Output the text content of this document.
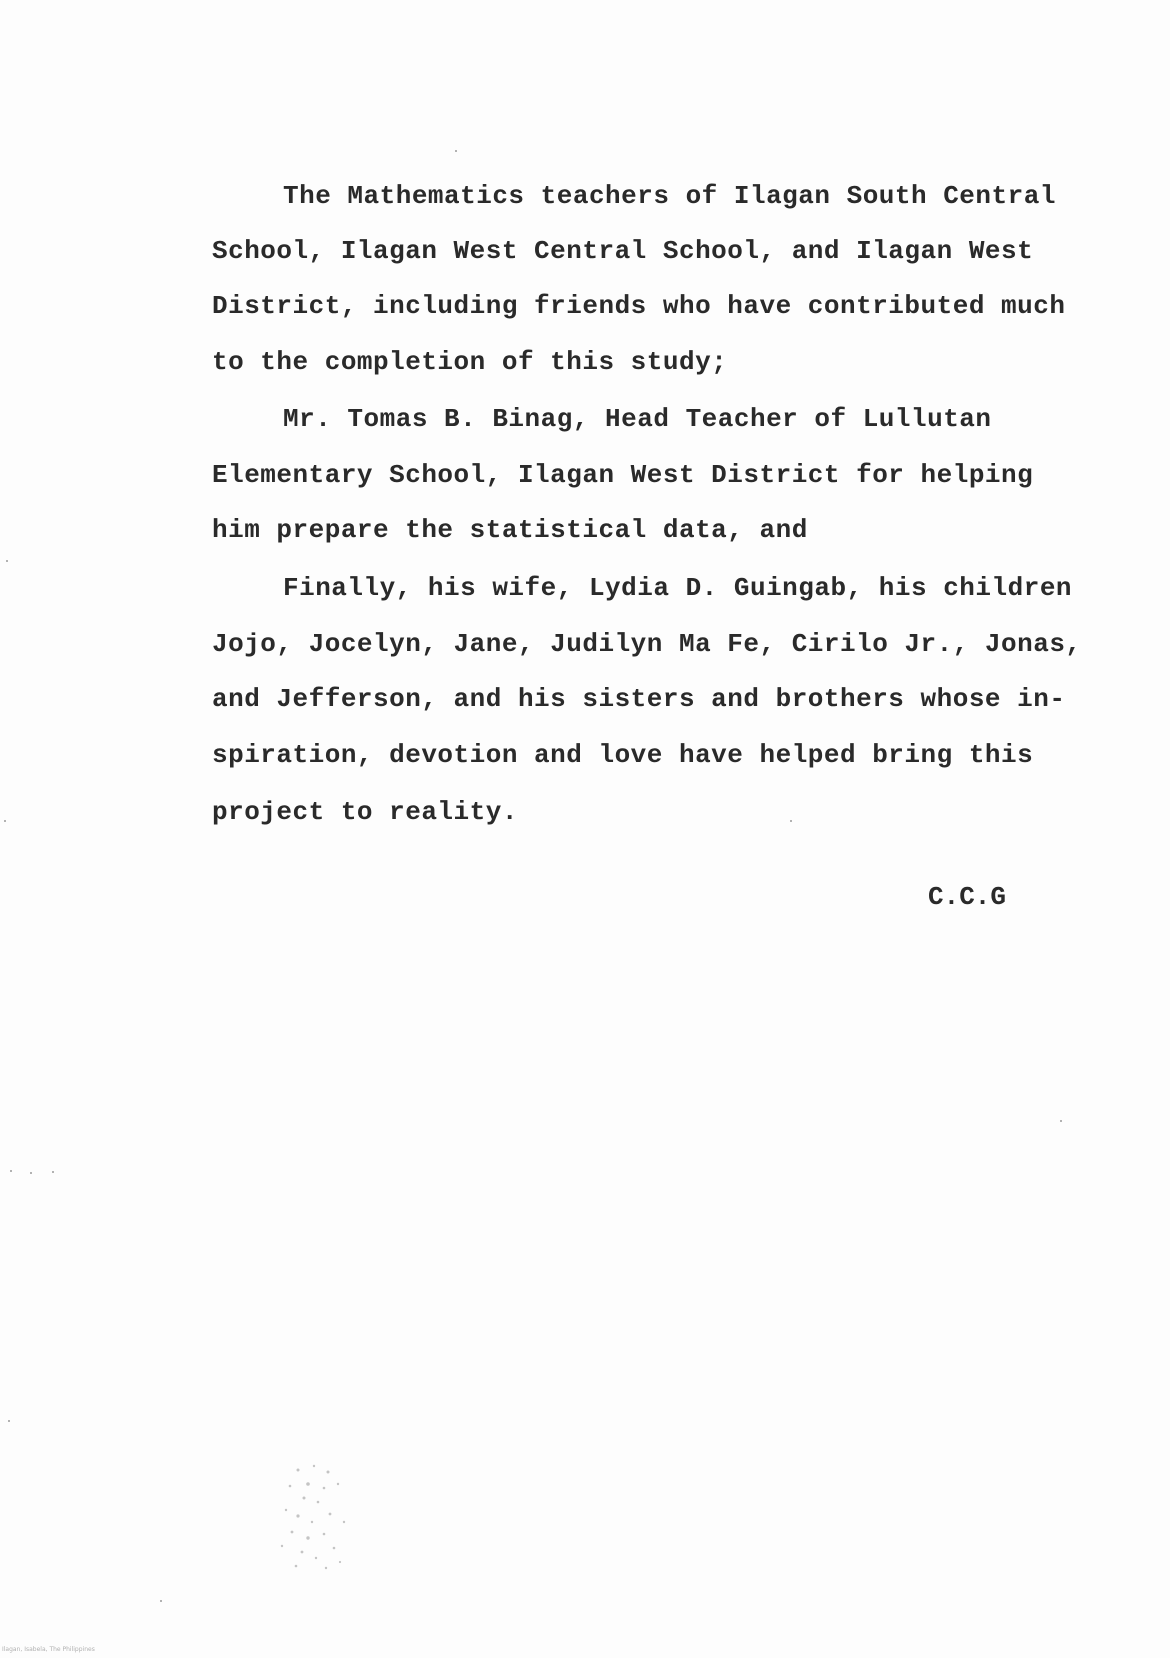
The Mathematics teachers of Ilagan South Central
School, Ilagan West Central School, and Ilagan West
District, including friends who have contributed much
to the completion of this study;
Mr. Tomas B. Binag, Head Teacher of Lullutan
Elementary School, Ilagan West District for helping
him prepare the statistical data, and
Finally, his wife, Lydia D. Guingab, his children
Jojo, Jocelyn, Jane, Judilyn Ma Fe, Cirilo Jr., Jonas,
and Jefferson, and his sisters and brothers whose in-
spiration, devotion and love have helped bring this
project to reality.
C.C.G
Ilagan, Isabela, The Philippines
